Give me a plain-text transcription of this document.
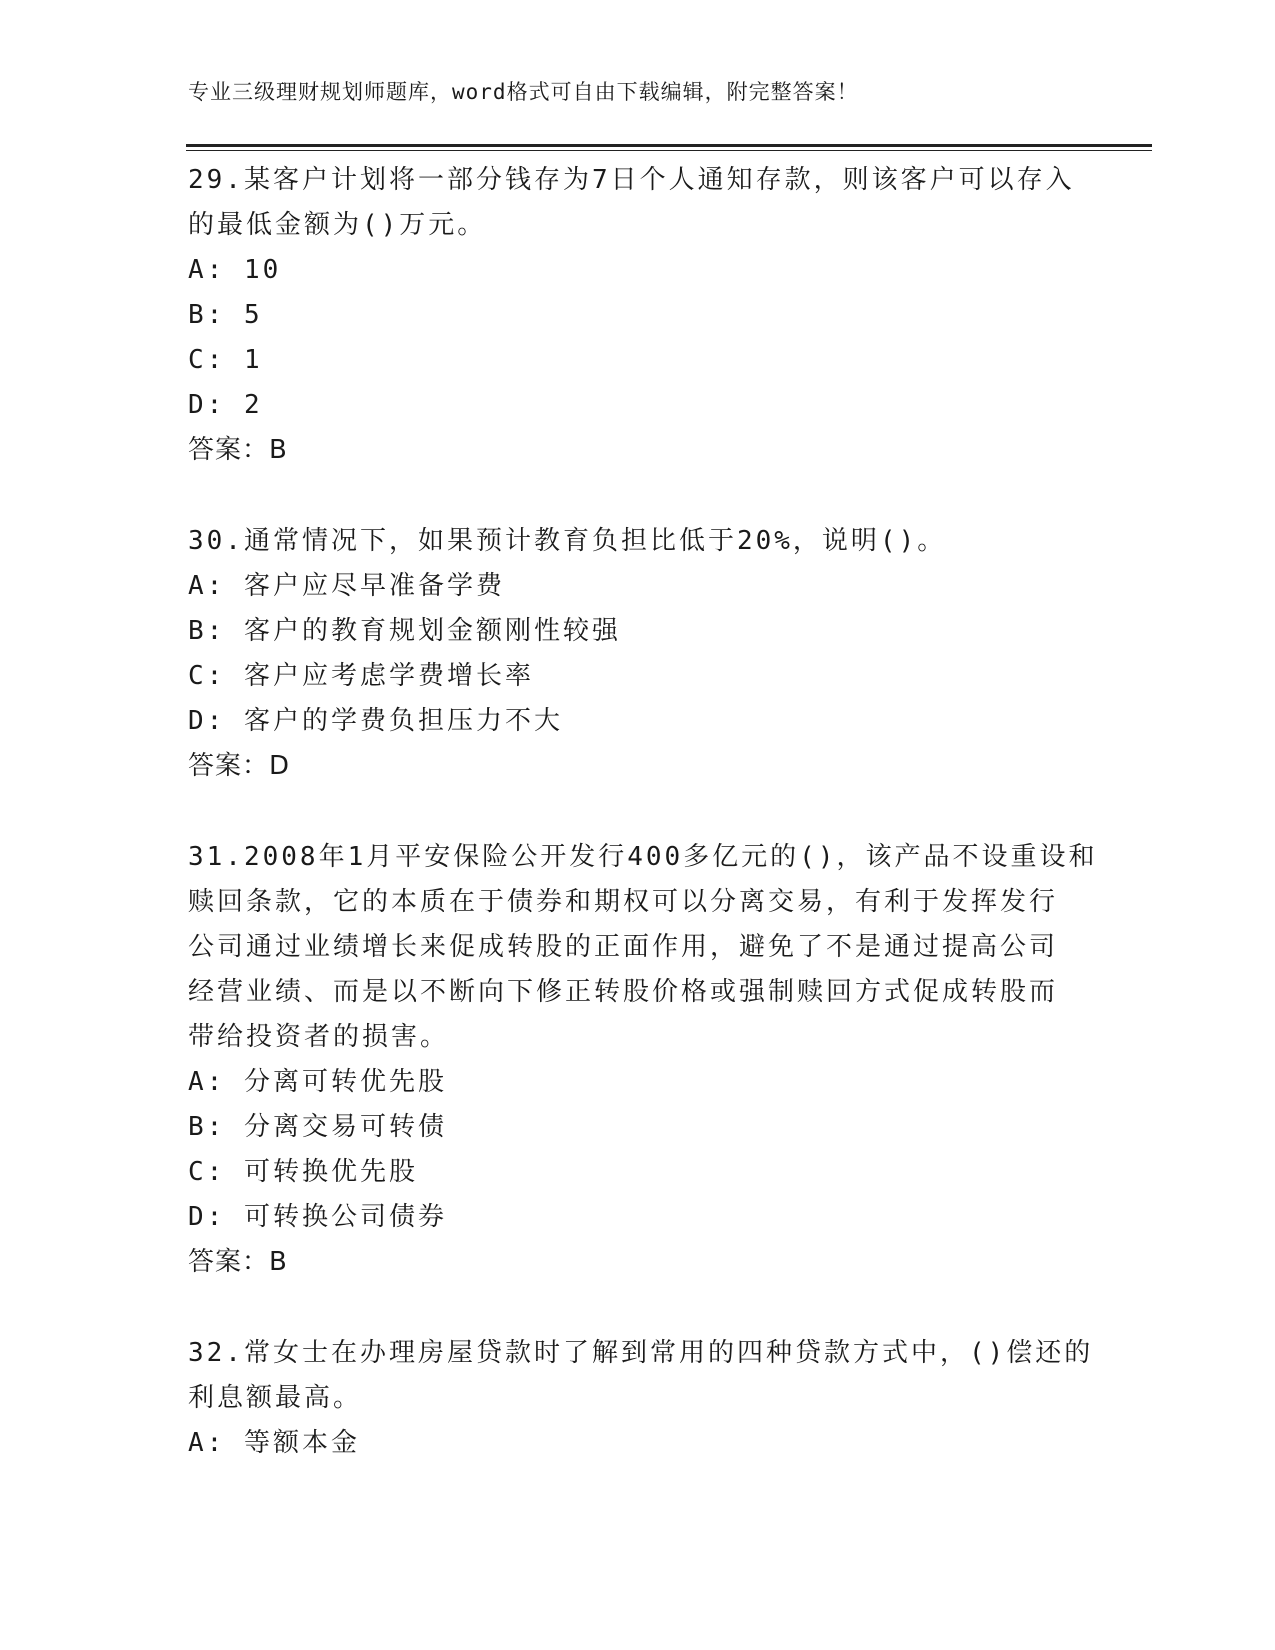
专业三级理财规划师题库，word格式可自由下载编辑，附完整答案！
29.某客户计划将一部分钱存为7日个人通知存款，则该客户可以存入
的最低金额为()万元。
A: 10
B: 5
C: 1
D: 2
答案：B
30.通常情况下，如果预计教育负担比低于20%，说明()。
A: 客户应尽早准备学费
B: 客户的教育规划金额刚性较强
C: 客户应考虑学费增长率
D: 客户的学费负担压力不大
答案：D
31.2008年1月平安保险公开发行400多亿元的()，该产品不设重设和
赎回条款，它的本质在于债券和期权可以分离交易，有利于发挥发行
公司通过业绩增长来促成转股的正面作用，避免了不是通过提高公司
经营业绩、而是以不断向下修正转股价格或强制赎回方式促成转股而
带给投资者的损害。
A: 分离可转优先股
B: 分离交易可转债
C: 可转换优先股
D: 可转换公司债券
答案：B
32.常女士在办理房屋贷款时了解到常用的四种贷款方式中，()偿还的
利息额最高。
A: 等额本金
